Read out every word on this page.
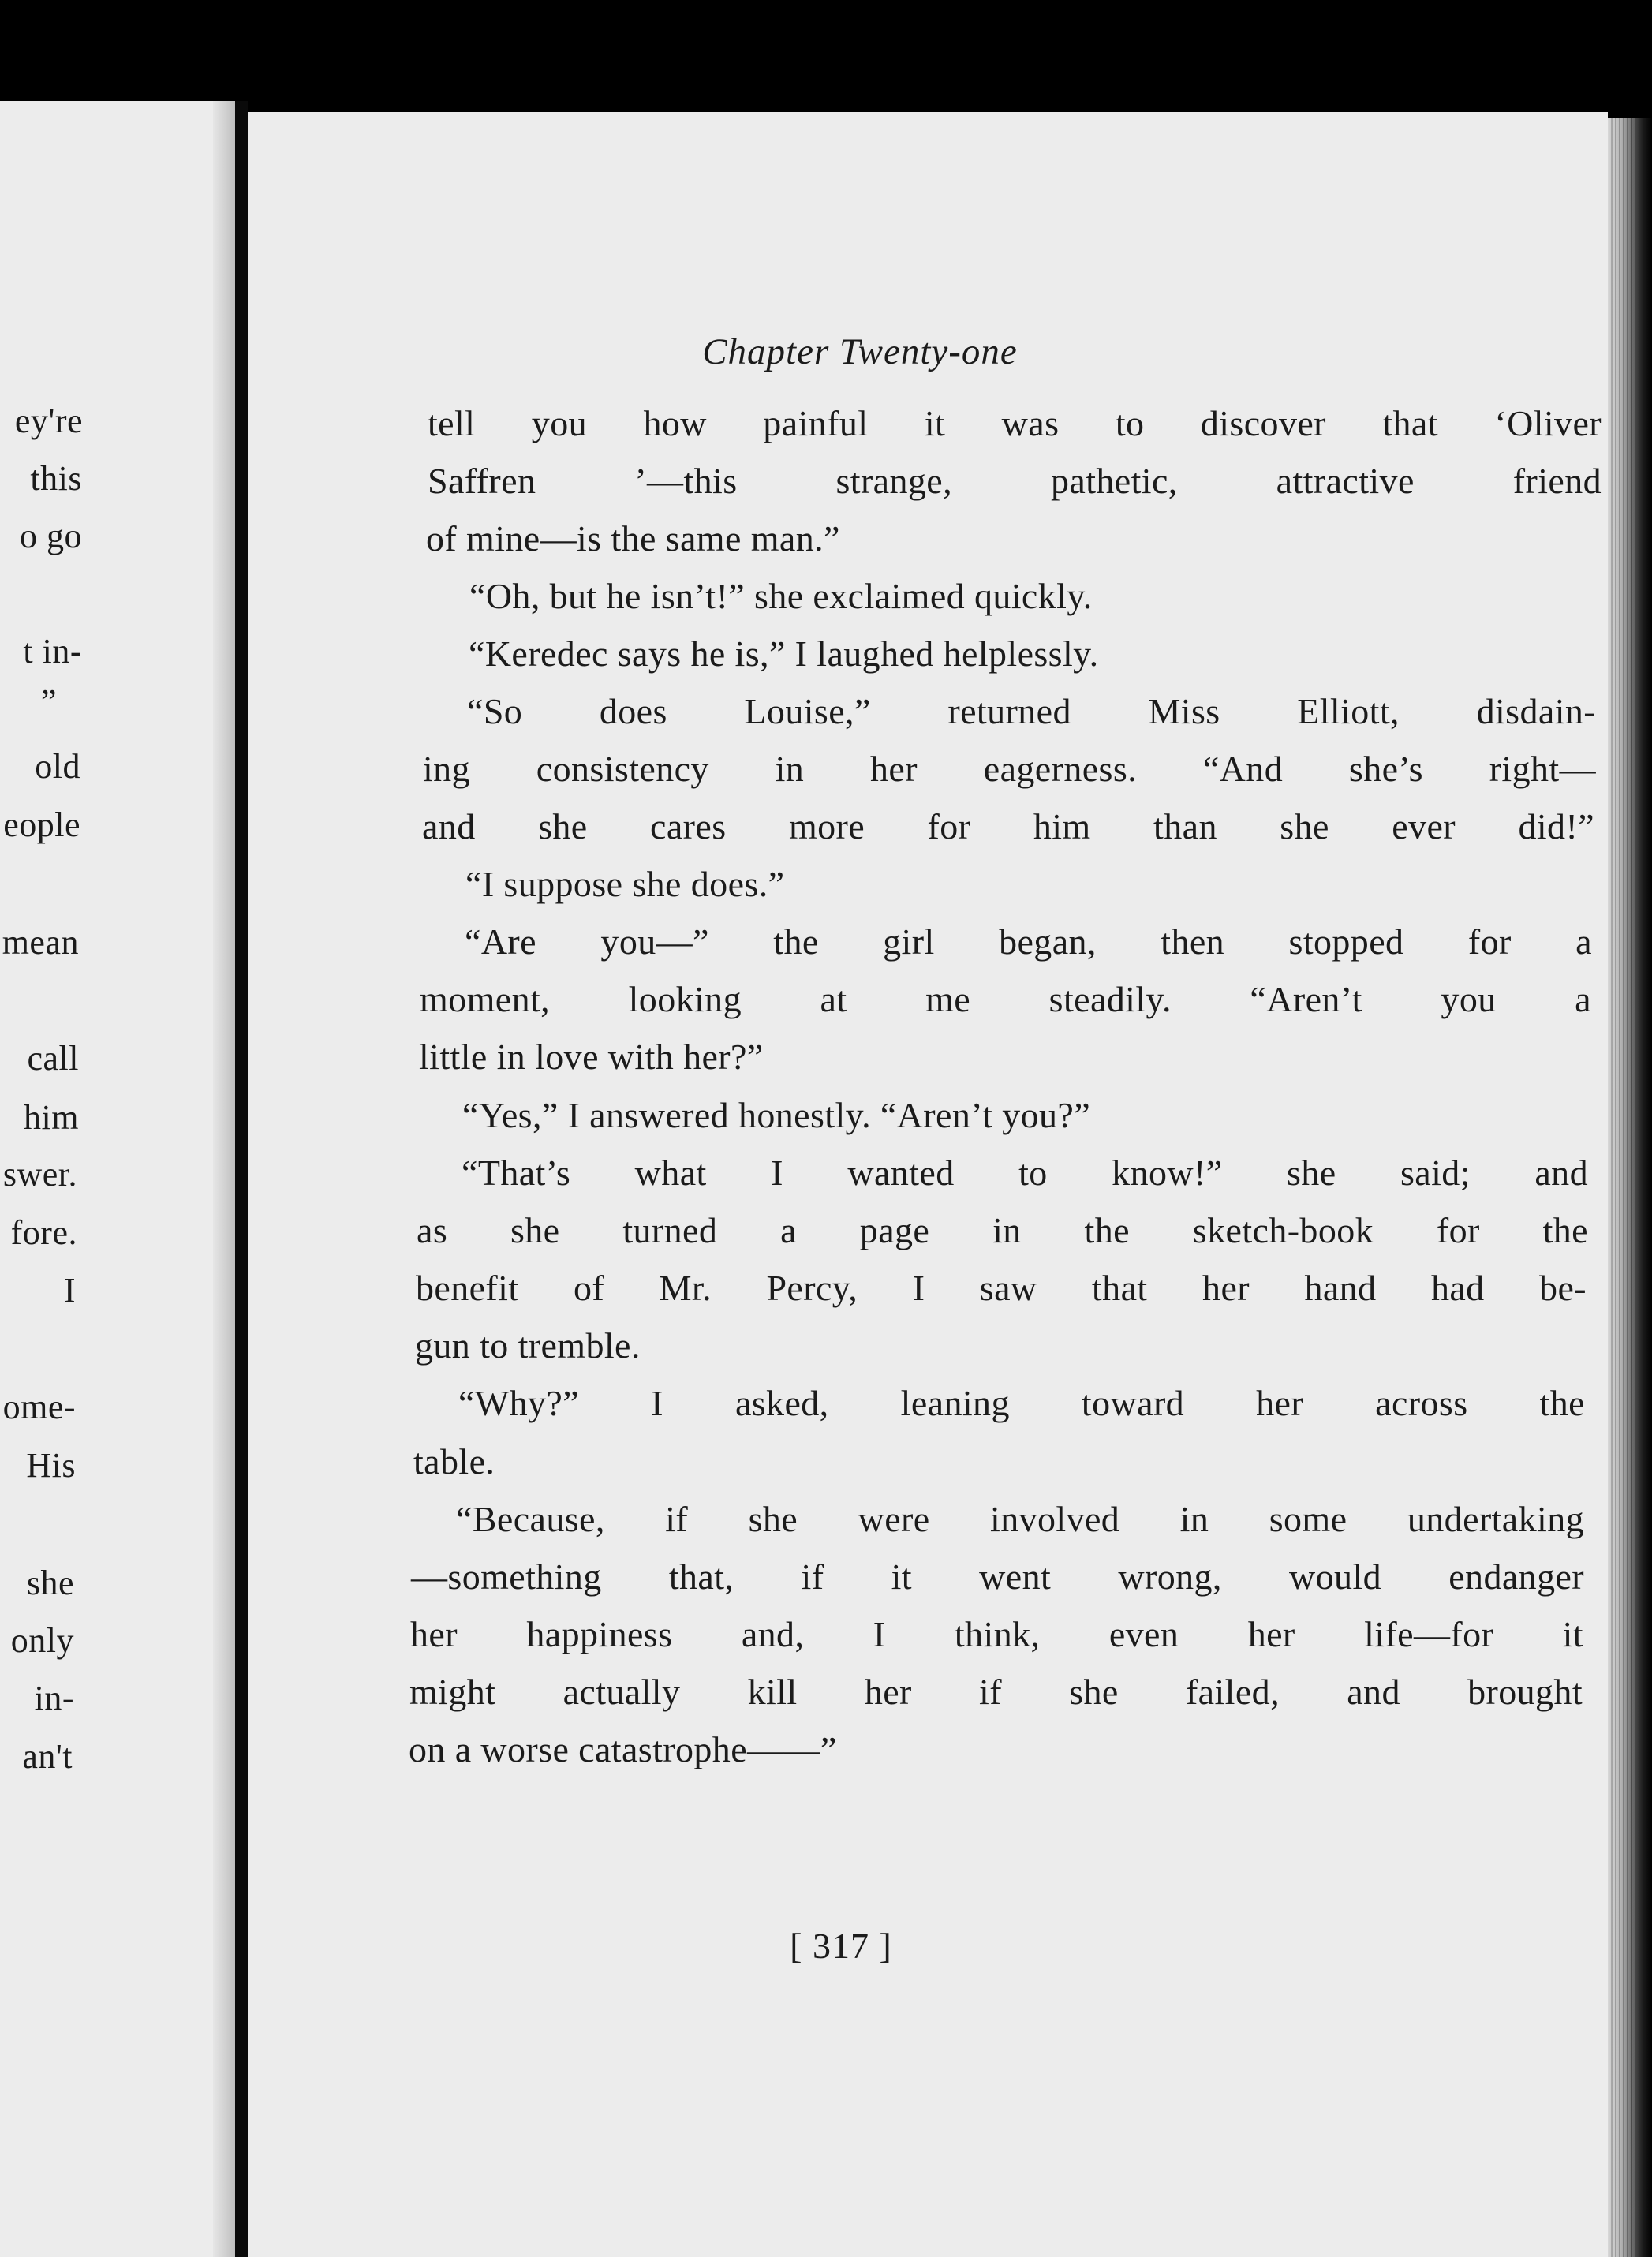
ey're
this
o go
t in-
”
old
eople
mean
call
him
swer.
fore.
I
ome-
His
she
only
in-
an't
Chapter Twenty-one
tell you how painful it was to discover that ‘Oliver
Saffren ’—this strange, pathetic, attractive friend
of mine—is the same man.”
“Oh, but he isn’t!” she exclaimed quickly.
“Keredec says he is,” I laughed helplessly.
“So does Louise,” returned Miss Elliott, disdain-
ing consistency in her eagerness. “And she’s right—
and she cares more for him than she ever did!”
“I suppose she does.”
“Are you—” the girl began, then stopped for a
moment, looking at me steadily. “Aren’t you a
little in love with her?”
“Yes,” I answered honestly. “Aren’t you?”
“That’s what I wanted to know!” she said; and
as she turned a page in the sketch-book for the
benefit of Mr. Percy, I saw that her hand had be-
gun to tremble.
“Why?” I asked, leaning toward her across the
table.
“Because, if she were involved in some undertaking
—something that, if it went wrong, would endanger
her happiness and, I think, even her life—for it
might actually kill her if she failed, and brought
on a worse catastrophe——”
[ 317 ]
